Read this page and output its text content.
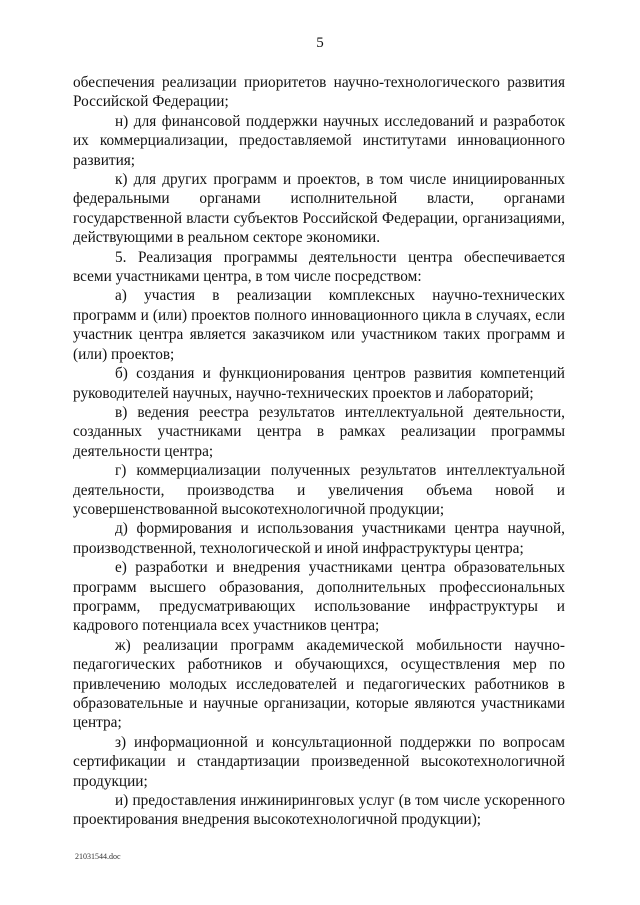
5

обеспечения реализации приоритетов научно-технологического развития Российской Федерации;

н) для финансовой поддержки научных исследований и разработок их коммерциализации, предоставляемой институтами инновационного развития;

к) для других программ и проектов, в том числе инициированных федеральными органами исполнительной власти, органами государственной власти субъектов Российской Федерации, организациями, действующими в реальном секторе экономики.

5. Реализация программы деятельности центра обеспечивается всеми участниками центра, в том числе посредством:

а) участия в реализации комплексных научно-технических программ и (или) проектов полного инновационного цикла в случаях, если участник центра является заказчиком или участником таких программ и (или) проектов;

б) создания и функционирования центров развития компетенций руководителей научных, научно-технических проектов и лабораторий;

в) ведения реестра результатов интеллектуальной деятельности, созданных участниками центра в рамках реализации программы деятельности центра;

г) коммерциализации полученных результатов интеллектуальной деятельности, производства и увеличения объема новой и усовершенствованной высокотехнологичной продукции;

д) формирования и использования участниками центра научной, производственной, технологической и иной инфраструктуры центра;

е) разработки и внедрения участниками центра образовательных программ высшего образования, дополнительных профессиональных программ, предусматривающих использование инфраструктуры и кадрового потенциала всех участников центра;

ж) реализации программ академической мобильности научно-педагогических работников и обучающихся, осуществления мер по привлечению молодых исследователей и педагогических работников в образовательные и научные организации, которые являются участниками центра;

з) информационной и консультационной поддержки по вопросам сертификации и стандартизации произведенной высокотехнологичной продукции;

и) предоставления инжиниринговых услуг (в том числе ускоренного проектирования внедрения высокотехнологичной продукции);

21031544.doc
